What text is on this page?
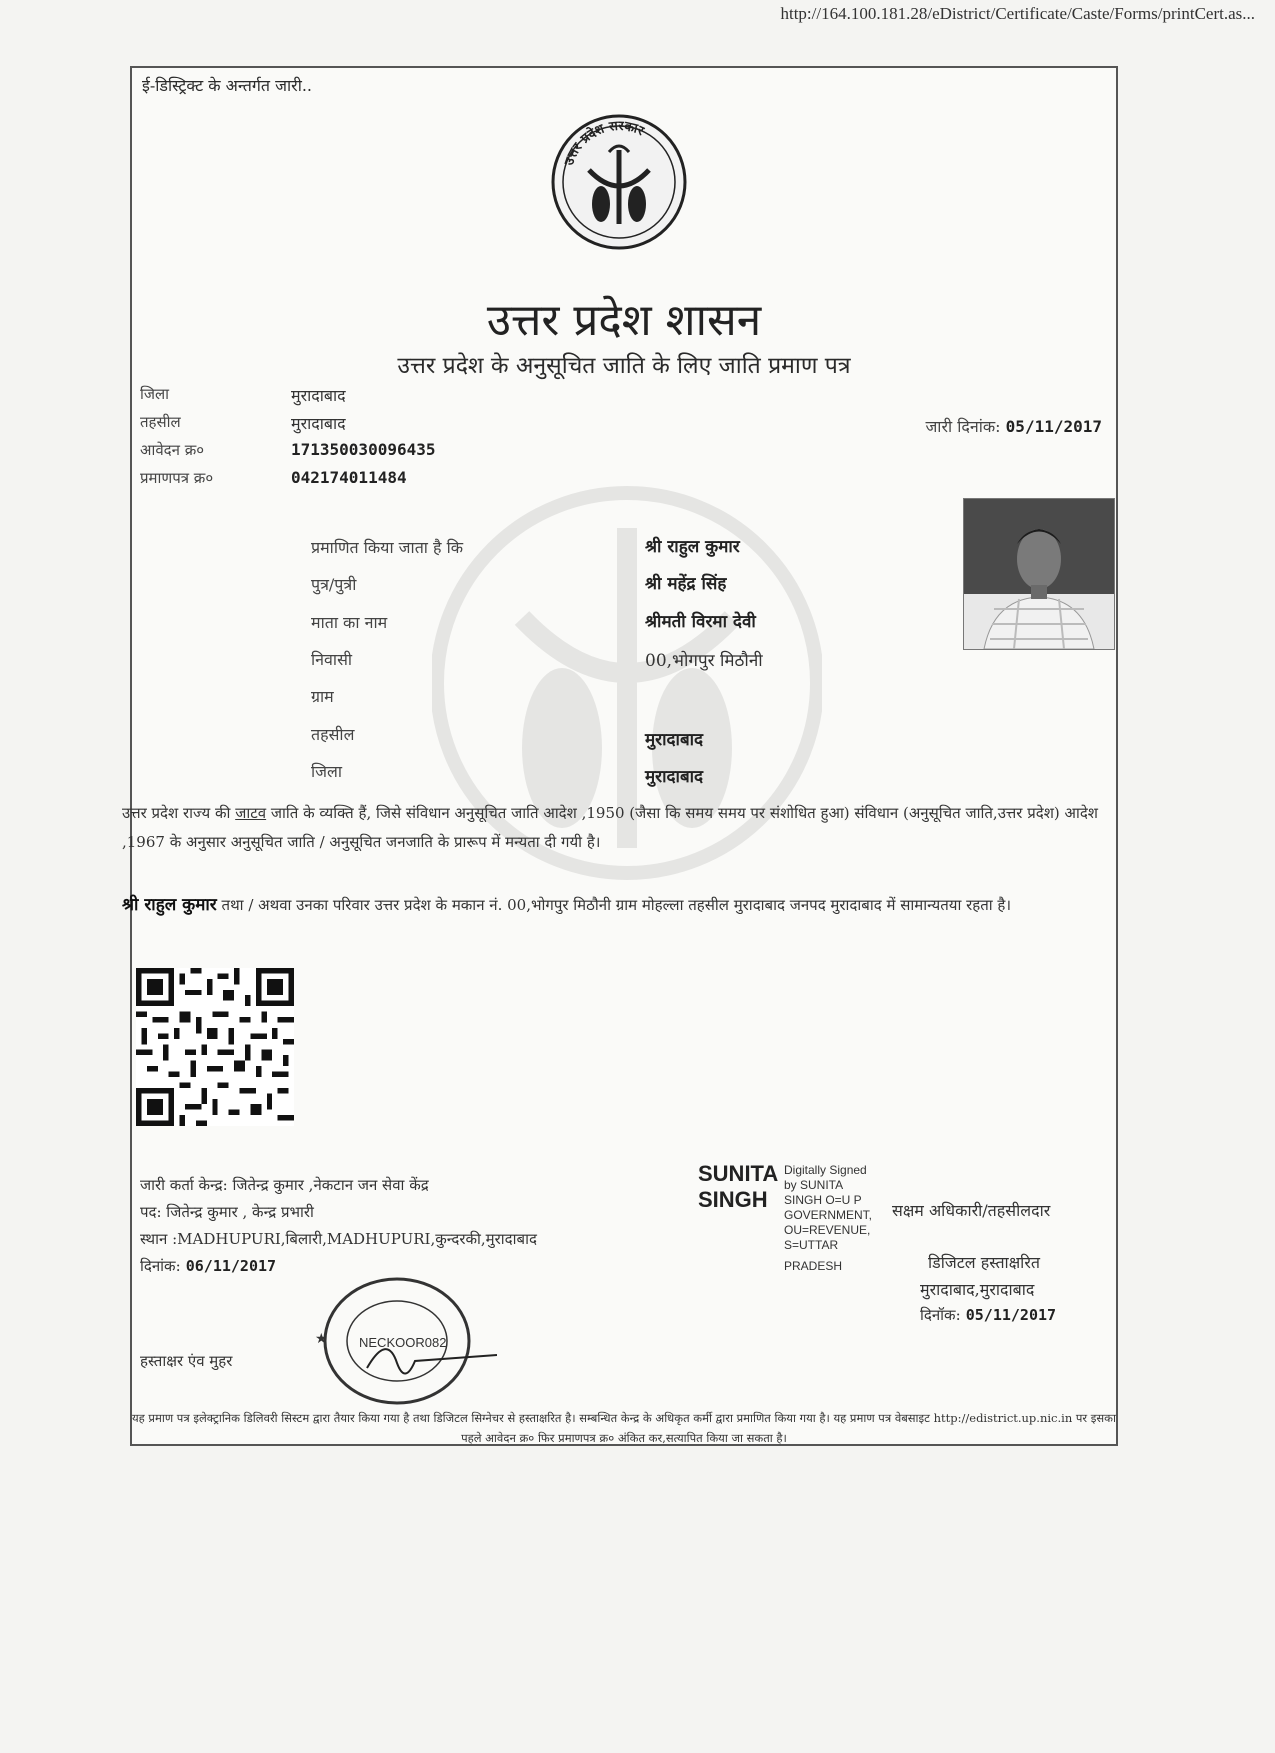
http://164.100.181.28/eDistrict/Certificate/Caste/Forms/printCert.as...
ई-डिस्ट्रिक्ट के अन्तर्गत जारी..
उत्तर प्रदेश सरकार
उत्तर प्रदेश शासन
उत्तर प्रदेश के अनुसूचित जाति के लिए जाति प्रमाण पत्र
जिला	मुरादाबाद
तहसील	मुरादाबाद
आवेदन क्र०	171350030096435
प्रमाणपत्र क्र०	042174011484
जारी दिनांक: 05/11/2017
प्रमाणित किया जाता है कि	श्री राहुल कुमार
पुत्र/पुत्री	श्री महेंद्र सिंह
माता का नाम	श्रीमती विरमा देवी
निवासी	00,भोगपुर मिठौनी
ग्राम
तहसील	मुरादाबाद
जिला	मुरादाबाद
उत्तर प्रदेश राज्य की जाटव जाति के व्यक्ति हैं, जिसे संविधान अनुसूचित जाति आदेश ,1950 (जैसा कि समय समय पर संशोधित हुआ) संविधान (अनुसूचित जाति,उत्तर प्रदेश) आदेश ,1967 के अनुसार अनुसूचित जाति / अनुसूचित जनजाति के प्रारूप में मन्यता दी गयी है।
श्री राहुल कुमार तथा / अथवा उनका परिवार उत्तर प्रदेश के मकान नं. 00,भोगपुर मिठौनी ग्राम मोहल्ला तहसील मुरादाबाद जनपद मुरादाबाद में सामान्यतया रहता है।
जारी कर्ता केन्द्र: जितेन्द्र कुमार ,नेकटान जन सेवा केंद्र
पद: जितेन्द्र कुमार , केन्द्र प्रभारी
स्थान :MADHUPURI,बिलारी,MADHUPURI,कुन्दरकी,मुरादाबाद
दिनांक: 06/11/2017
हस्ताक्षर एंव मुहर
★ NECKOOR082
SUNITA
SINGH
Digitally Signed
by SUNITA
SINGH O=U P
GOVERNMENT,
OU=REVENUE,
S=UTTAR
PRADESH
सक्षम अधिकारी/तहसीलदार
डिजिटल हस्ताक्षरित
मुरादाबाद,मुरादाबाद
दिनॉक: 05/11/2017
यह प्रमाण पत्र इलेक्ट्रानिक डिलिवरी सिस्टम द्वारा तैयार किया गया है तथा डिजिटल सिग्नेचर से हस्ताक्षरित है। सम्बन्धित केन्द्र के अधिकृत कर्मी द्वारा प्रमाणित किया गया है। यह प्रमाण पत्र वेबसाइट http://edistrict.up.nic.in पर इसका पहले आवेदन क्र० फिर प्रमाणपत्र क्र० अंकित कर,सत्यापित किया जा सकता है।
